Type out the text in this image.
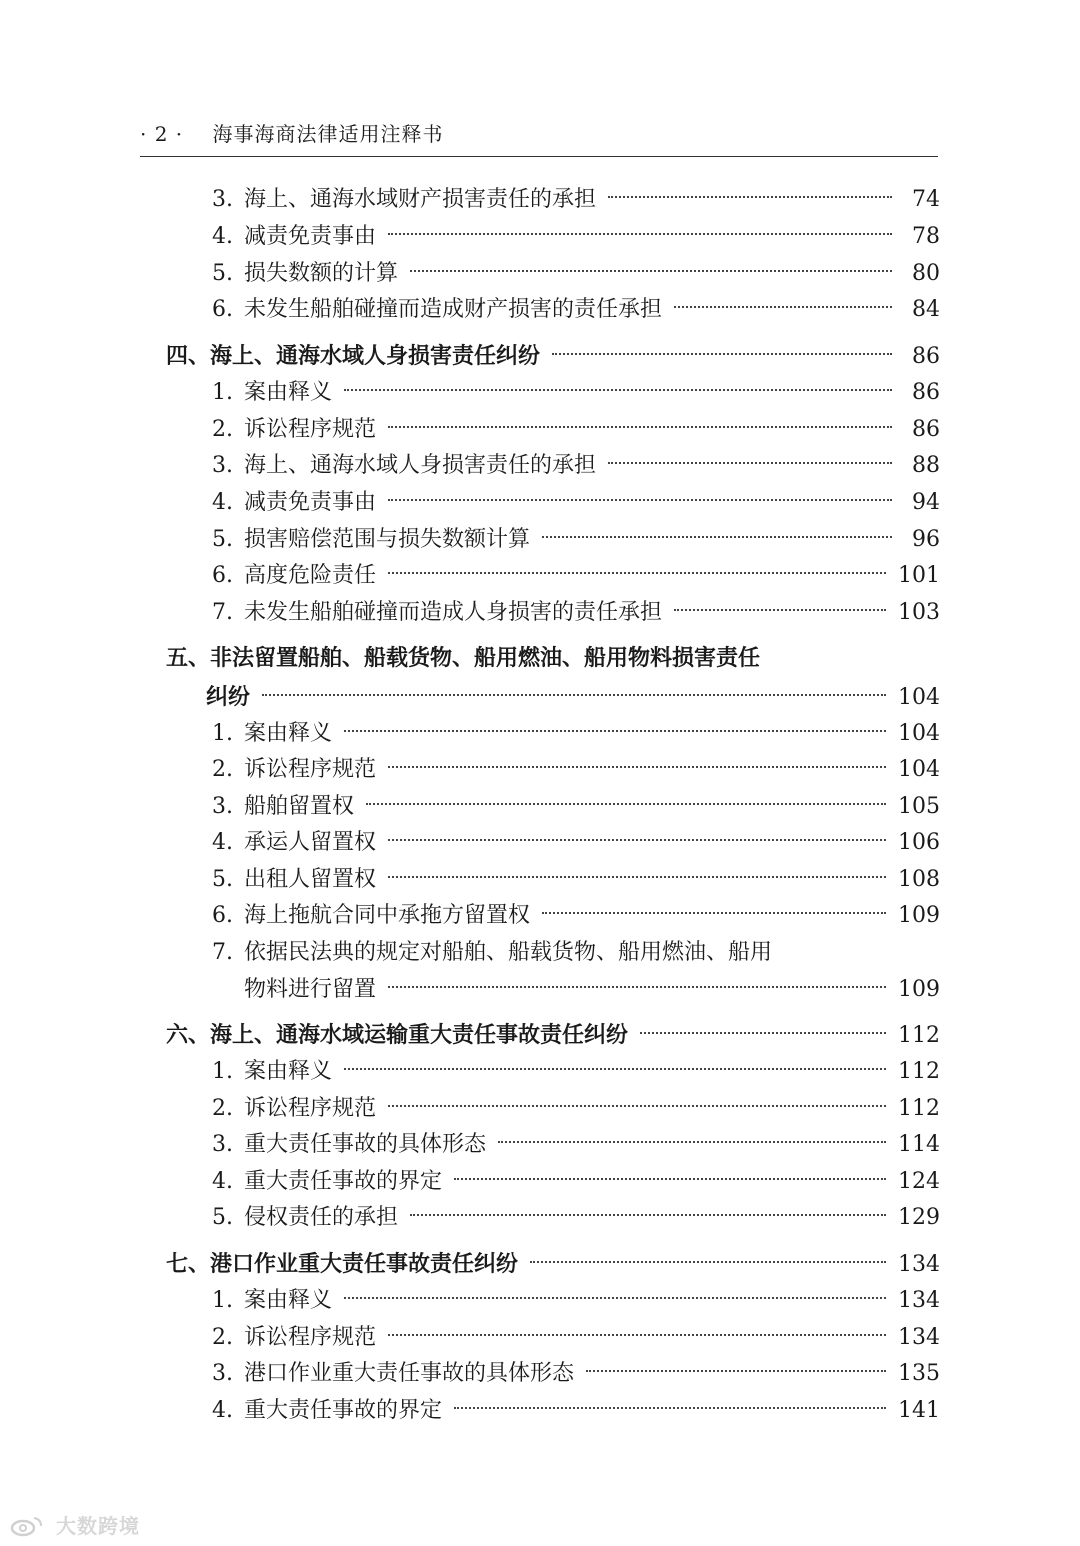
· 2 · 海事海商法律适用注释书
3. 海上、通海水域财产损害责任的承担	74
4. 减责免责事由	78
5. 损失数额的计算	80
6. 未发生船舶碰撞而造成财产损害的责任承担	84
四、海上、通海水域人身损害责任纠纷	86
1. 案由释义	86
2. 诉讼程序规范	86
3. 海上、通海水域人身损害责任的承担	88
4. 减责免责事由	94
5. 损害赔偿范围与损失数额计算	96
6. 高度危险责任	101
7. 未发生船舶碰撞而造成人身损害的责任承担	103
五、非法留置船舶、船载货物、船用燃油、船用物料损害责任
纠纷	104
1. 案由释义	104
2. 诉讼程序规范	104
3. 船舶留置权	105
4. 承运人留置权	106
5. 出租人留置权	108
6. 海上拖航合同中承拖方留置权	109
7. 依据民法典的规定对船舶、船载货物、船用燃油、船用
物料进行留置	109
六、海上、通海水域运输重大责任事故责任纠纷	112
1. 案由释义	112
2. 诉讼程序规范	112
3. 重大责任事故的具体形态	114
4. 重大责任事故的界定	124
5. 侵权责任的承担	129
七、港口作业重大责任事故责任纠纷	134
1. 案由释义	134
2. 诉讼程序规范	134
3. 港口作业重大责任事故的具体形态	135
4. 重大责任事故的界定	141
大数跨境
